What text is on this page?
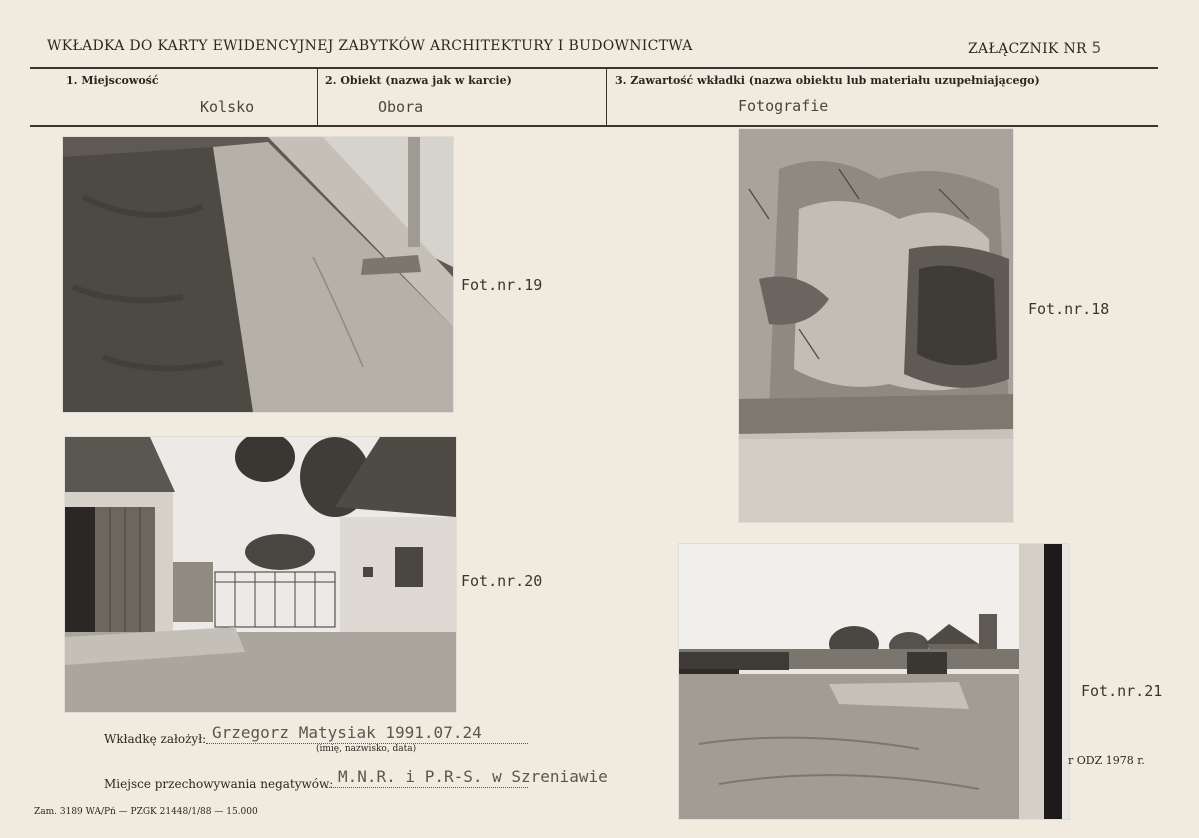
WKŁADKA DO KARTY EWIDENCYJNEJ ZABYTKÓW ARCHITEKTURY I BUDOWNICTWA	ZAŁĄCZNIK NR 5
1. Miejscowość
Kolsko
2. Obiekt (nazwa jak w karcie)
Obora
3. Zawartość wkładki (nazwa obiektu lub materiału uzupełniającego)
Fotografie
Fot.nr.19
Fot.nr.18
Fot.nr.20
Fot.nr.21
Wkładkę założył: Grzegorz Matysiak 1991.07.24
(imię, nazwisko, data)
Miejsce przechowywania negatywów: M.N.R. i P.R-S. w Szreniawie
Zam. 3189 WA/Pń — PZGK 21448/1/88 — 15.000
r ODZ 1978 r.
